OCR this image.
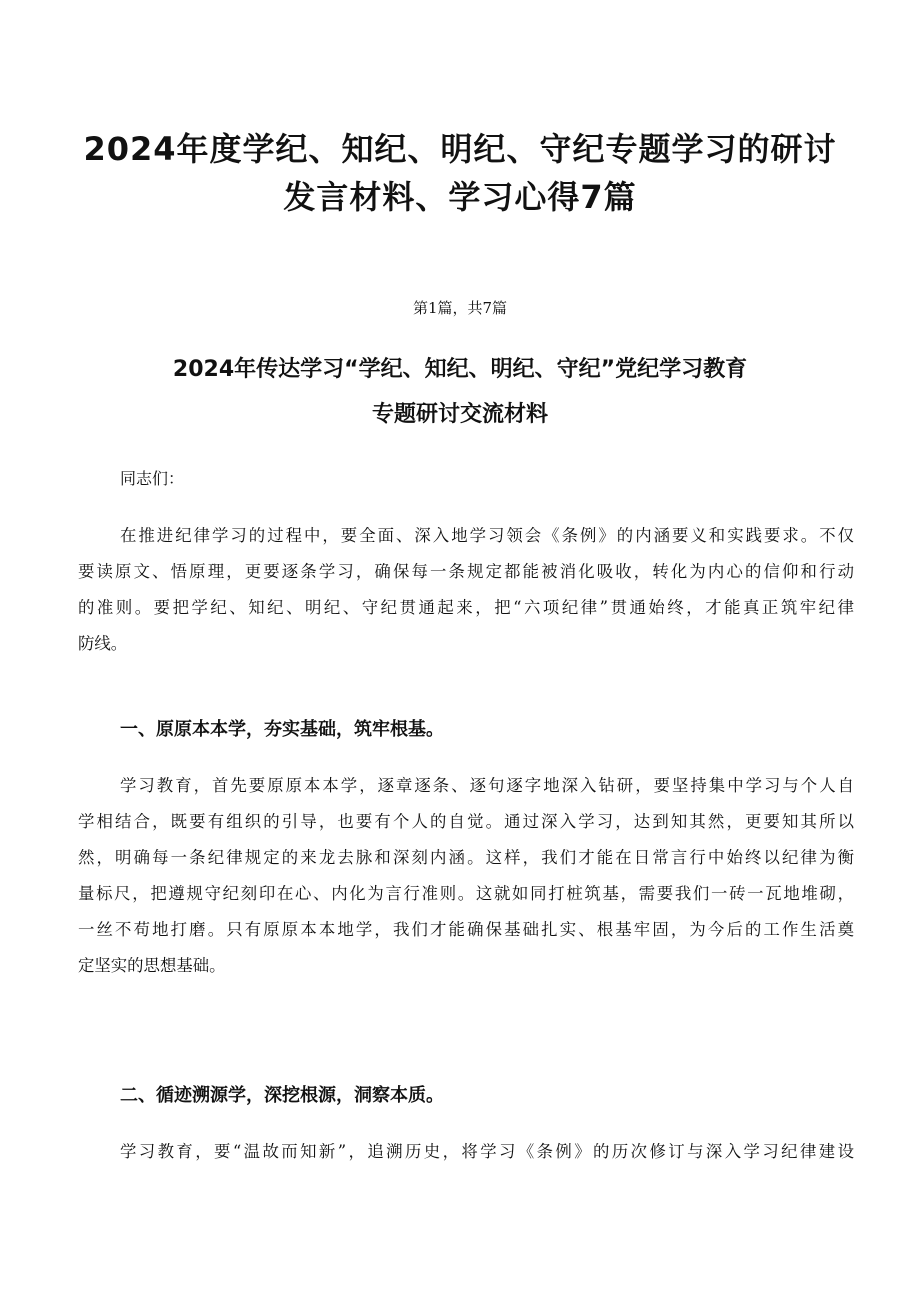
2024年度学纪、知纪、明纪、守纪专题学习的研讨
发言材料、学习心得7篇
第1篇，共7篇
2024年传达学习“学纪、知纪、明纪、守纪”党纪学习教育
专题研讨交流材料
同志们：
在推进纪律学习的过程中，要全面、深入地学习领会《条例》的内涵要义和实践要求。不仅
要读原文、悟原理，更要逐条学习，确保每一条规定都能被消化吸收，转化为内心的信仰和行动
的准则。要把学纪、知纪、明纪、守纪贯通起来，把“六项纪律”贯通始终，才能真正筑牢纪律
防线。
一、原原本本学，夯实基础，筑牢根基。
学习教育，首先要原原本本学，逐章逐条、逐句逐字地深入钻研，要坚持集中学习与个人自
学相结合，既要有组织的引导，也要有个人的自觉。通过深入学习，达到知其然，更要知其所以
然，明确每一条纪律规定的来龙去脉和深刻内涵。这样，我们才能在日常言行中始终以纪律为衡
量标尺，把遵规守纪刻印在心、内化为言行准则。这就如同打桩筑基，需要我们一砖一瓦地堆砌，
一丝不苟地打磨。只有原原本本地学，我们才能确保基础扎实、根基牢固，为今后的工作生活奠
定坚实的思想基础。
二、循迹溯源学，深挖根源，洞察本质。
学习教育，要“温故而知新”，追溯历史，将学习《条例》的历次修订与深入学习纪律建设
